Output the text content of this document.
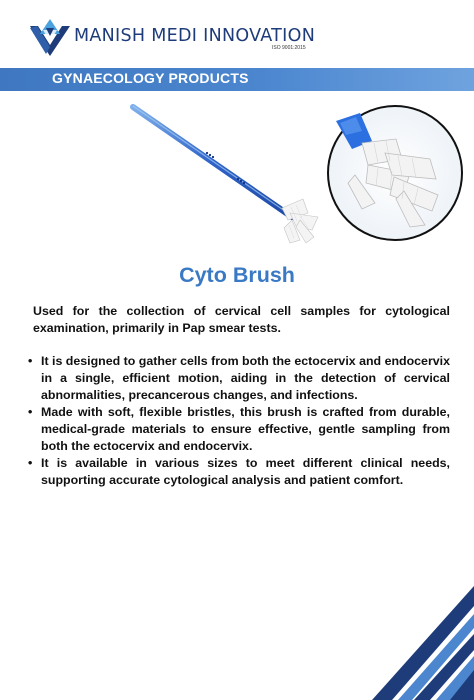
MANISH MEDI INNOVATION
ISO 9001:2015
GYNAECOLOGY PRODUCTS
Cyto Brush

Used for the collection of cervical cell samples for cytological examination, primarily in Pap smear tests.

• It is designed to gather cells from both the ectocervix and endocervix in a single, efficient motion, aiding in the detection of cervical abnormalities, precancerous changes, and infections.
• Made with soft, flexible bristles, this brush is crafted from durable, medical-grade materials to ensure effective, gentle sampling from both the ectocervix and endocervix.
• It is available in various sizes to meet different clinical needs, supporting accurate cytological analysis and patient comfort.
